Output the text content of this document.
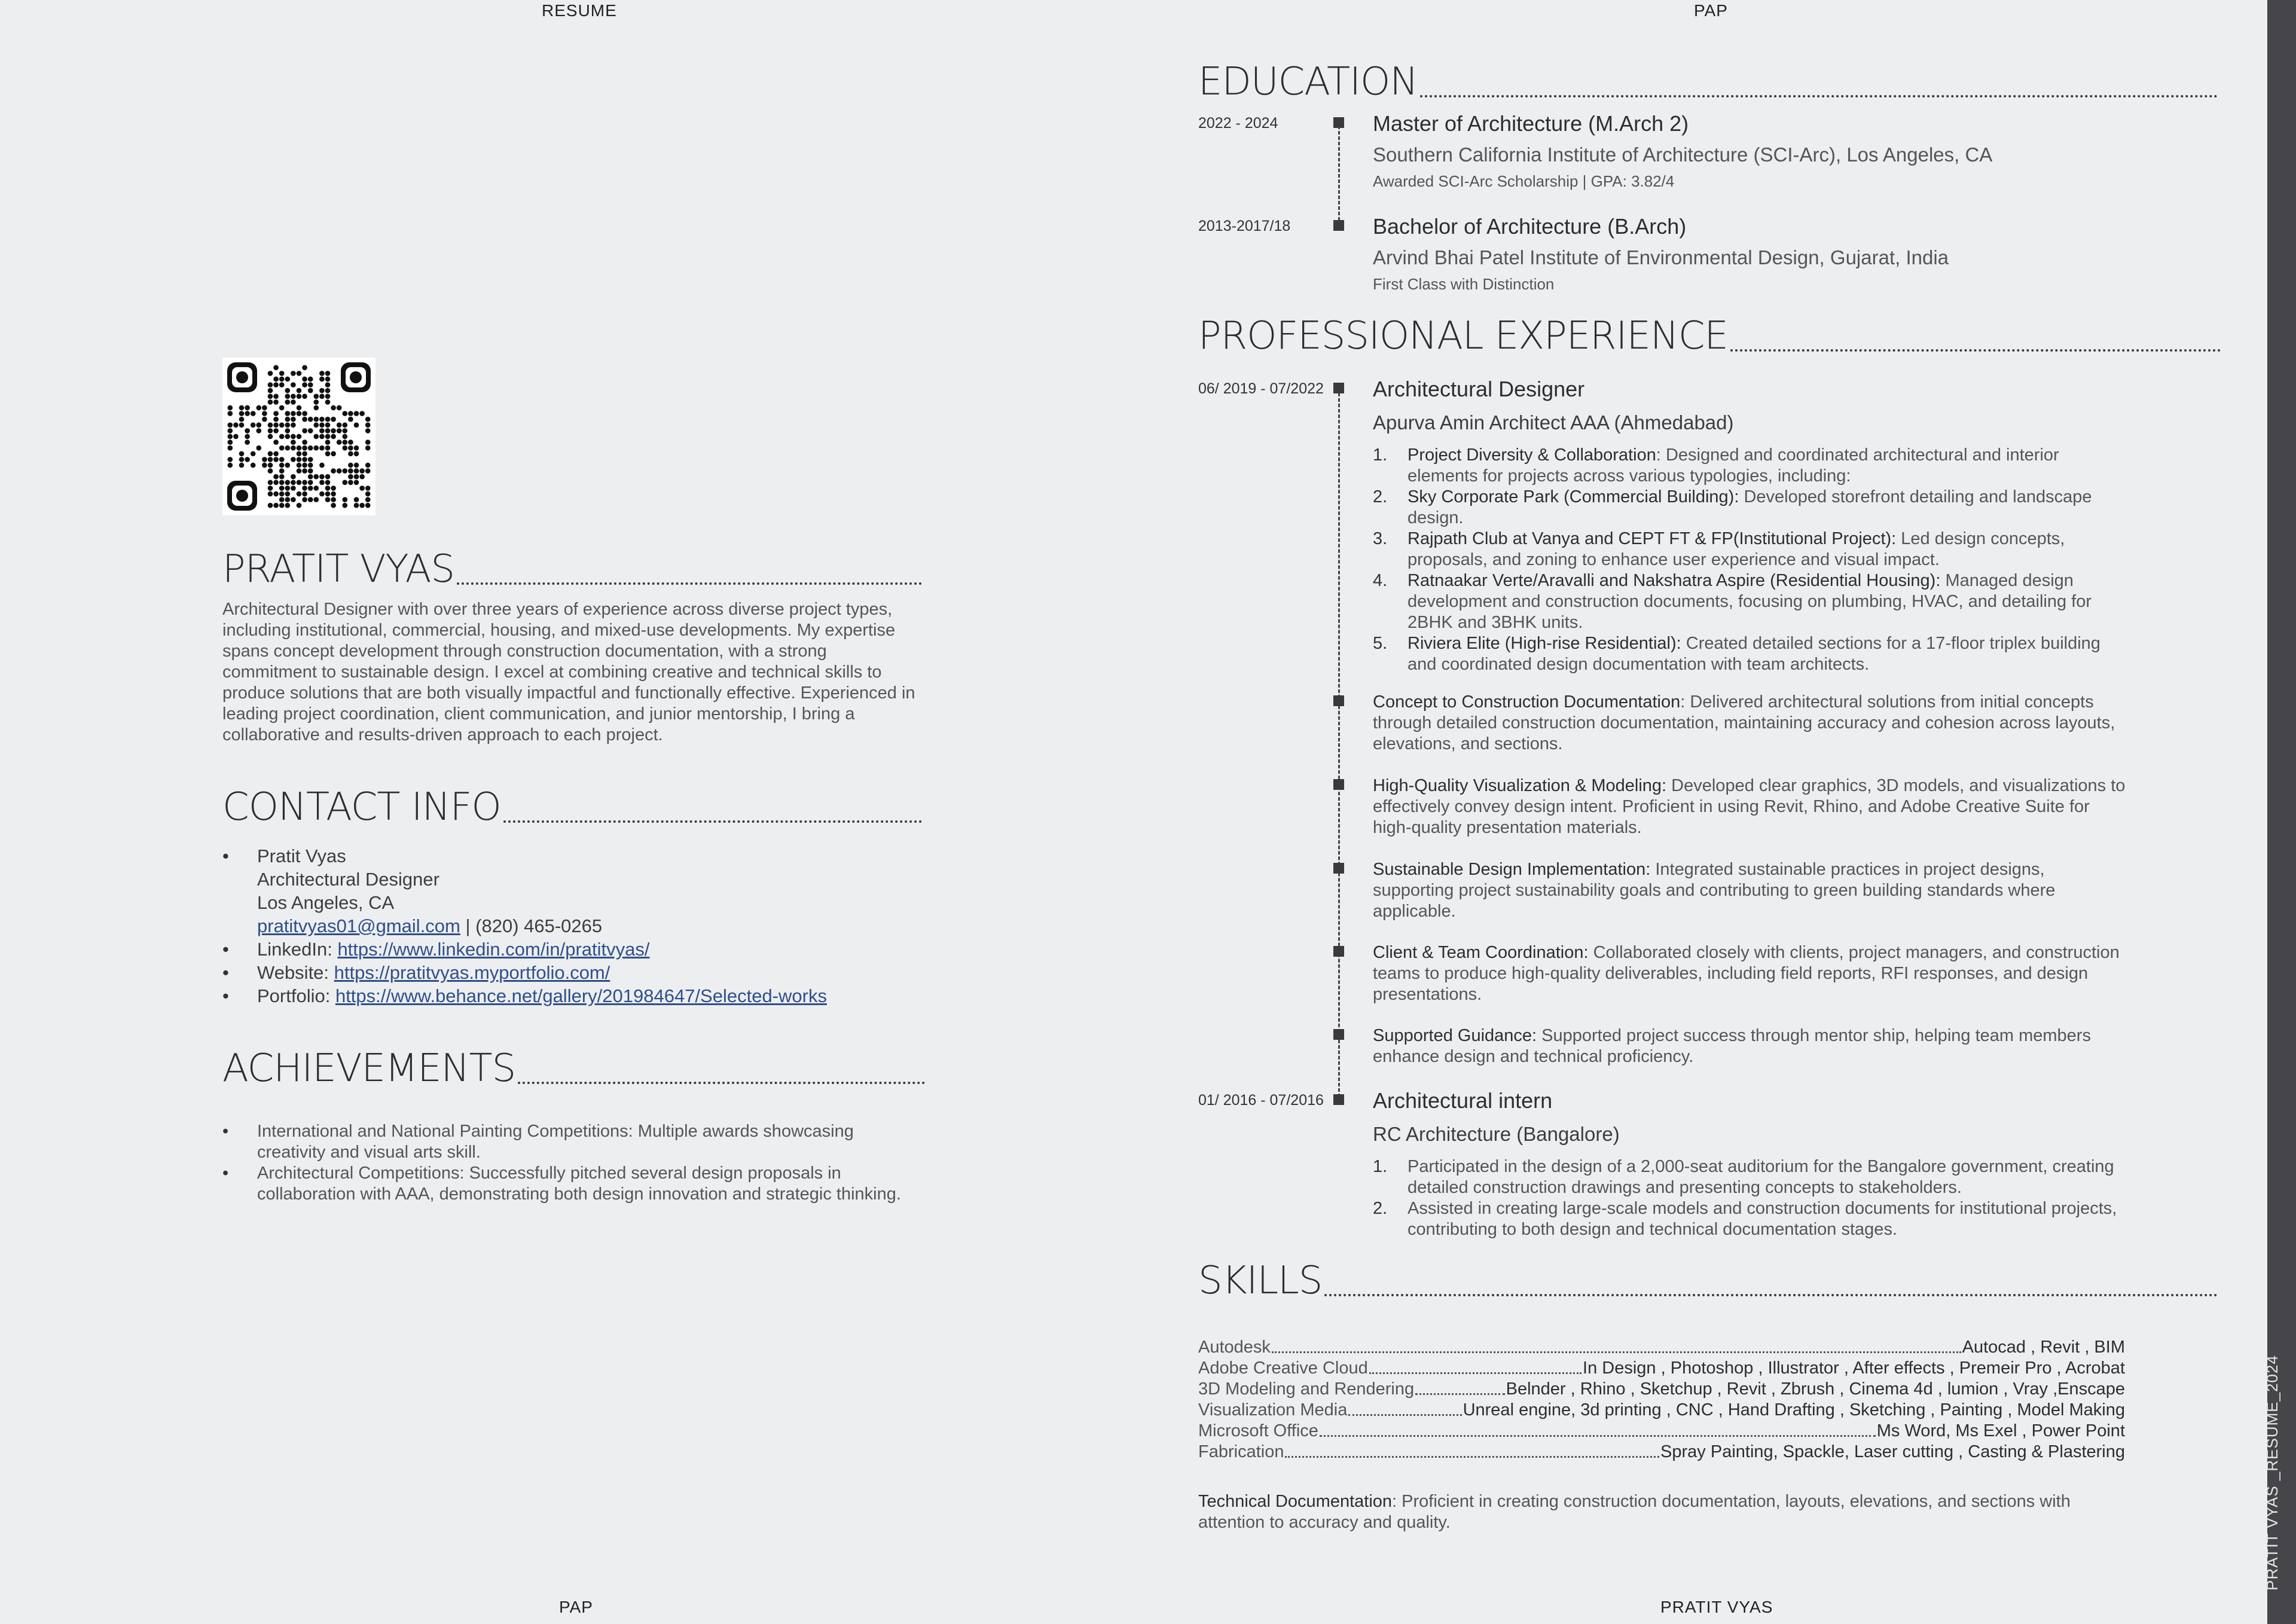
RESUME	PAP
PAP	PRATIT VYAS
PRATIT VYAS _RESUME_2024
PRATIT VYAS
Architectural Designer with over three years of experience across diverse project types, including institutional, commercial, housing, and mixed-use developments. My expertise spans concept development through construction documentation, with a strong commitment to sustainable design. I excel at combining creative and technical skills to produce solutions that are both visually impactful and functionally effective. Experienced in leading project coordination, client communication, and junior mentorship, I bring a collaborative and results-driven approach to each project.
CONTACT INFO
• Pratit Vyas
Architectural Designer
Los Angeles, CA
pratitvyas01@gmail.com | (820) 465-0265
• LinkedIn: https://www.linkedin.com/in/pratitvyas/
• Website: https://pratitvyas.myportfolio.com/
• Portfolio: https://www.behance.net/gallery/201984647/Selected-works
ACHIEVEMENTS
• International and National Painting Competitions: Multiple awards showcasing creativity and visual arts skill.
• Architectural Competitions: Successfully pitched several design proposals in collaboration with AAA, demonstrating both design innovation and strategic thinking.
EDUCATION
2022 - 2024	Master of Architecture (M.Arch 2)
Southern California Institute of Architecture (SCI-Arc), Los Angeles, CA
Awarded SCI-Arc Scholarship | GPA: 3.82/4
2013-2017/18	Bachelor of Architecture (B.Arch)
Arvind Bhai Patel Institute of Environmental Design, Gujarat, India
First Class with Distinction
PROFESSIONAL EXPERIENCE
06/ 2019 - 07/2022 Architectural Designer
Apurva Amin Architect AAA (Ahmedabad)
1. Project Diversity & Collaboration: Designed and coordinated architectural and interior elements for projects across various typologies, including:
2. Sky Corporate Park (Commercial Building): Developed storefront detailing and landscape design.
3. Rajpath Club at Vanya and CEPT FT & FP(Institutional Project): Led design concepts, proposals, and zoning to enhance user experience and visual impact.
4. Ratnaakar Verte/Aravalli and Nakshatra Aspire (Residential Housing): Managed design development and construction documents, focusing on plumbing, HVAC, and detailing for 2BHK and 3BHK units.
5. Riviera Elite (High-rise Residential): Created detailed sections for a 17-floor triplex building and coordinated design documentation with team architects.
Concept to Construction Documentation: Delivered architectural solutions from initial concepts through detailed construction documentation, maintaining accuracy and cohesion across layouts, elevations, and sections.
High-Quality Visualization & Modeling: Developed clear graphics, 3D models, and visualizations to effectively convey design intent. Proficient in using Revit, Rhino, and Adobe Creative Suite for high-quality presentation materials.
Sustainable Design Implementation: Integrated sustainable practices in project designs, supporting project sustainability goals and contributing to green building standards where applicable.
Client & Team Coordination: Collaborated closely with clients, project managers, and construction teams to produce high-quality deliverables, including field reports, RFI responses, and design presentations.
Supported Guidance: Supported project success through mentor ship, helping team members enhance design and technical proficiency.
01/ 2016 - 07/2016 Architectural intern
RC Architecture (Bangalore)
1. Participated in the design of a 2,000-seat auditorium for the Bangalore government, creating detailed construction drawings and presenting concepts to stakeholders.
2. Assisted in creating large-scale models and construction documents for institutional projects, contributing to both design and technical documentation stages.
SKILLS
Autodesk	Autocad , Revit , BIM
Adobe Creative Cloud	In Design , Photoshop , Illustrator , After effects , Premeir Pro , Acrobat
3D Modeling and Rendering	Belnder , Rhino , Sketchup , Revit , Zbrush , Cinema 4d , lumion , Vray ,Enscape
Visualization Media	Unreal engine, 3d printing , CNC , Hand Drafting , Sketching , Painting , Model Making
Microsoft Office	Ms Word, Ms Exel , Power Point
Fabrication	Spray Painting, Spackle, Laser cutting , Casting & Plastering
Technical Documentation: Proficient in creating construction documentation, layouts, elevations, and sections with attention to accuracy and quality.
